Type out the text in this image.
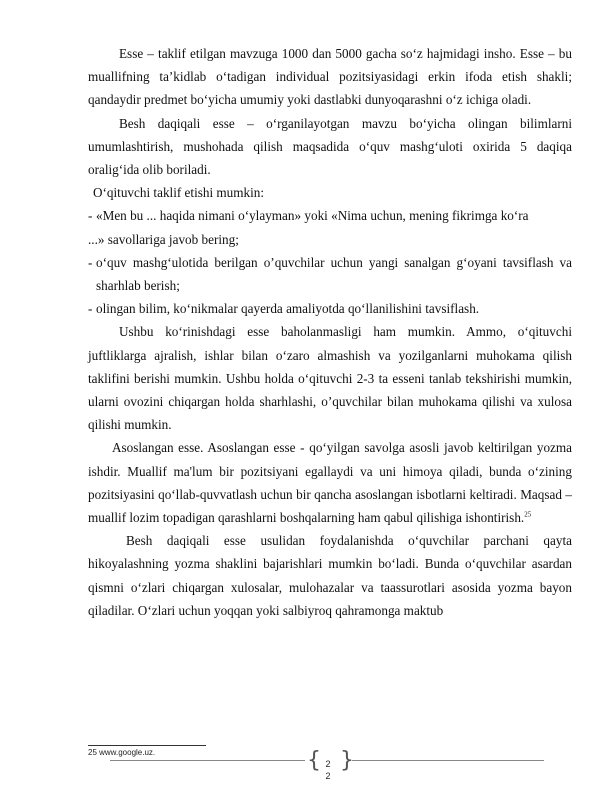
Esse – taklif etilgan mavzuga 1000 dan 5000 gacha so‘z hajmidagi insho. Esse – bu muallifning ta’kidlab o‘tadigan individual pozitsiyasidagi erkin ifoda etish shakli; qandaydir predmet bo‘yicha umumiy yoki dastlabki dunyoqarashni o‘z ichiga oladi.

Besh daqiqali esse – o‘rganilayotgan mavzu bo‘yicha olingan bilimlarni umumlashtirish, mushohada qilish maqsadida o‘quv mashg‘uloti oxirida 5 daqiqa oralig‘ida olib boriladi.

O‘qituvchi taklif etishi mumkin:

- «Men bu ... haqida nimani o‘ylayman» yoki «Nima uchun, mening fikrimga ko‘ra

...» savollariga javob bering;

- o‘quv mashg‘ulotida berilgan o’quvchilar uchun yangi sanalgan g‘oyani tavsiflash va sharhlab berish;

- olingan bilim, ko‘nikmalar qayerda amaliyotda qo‘llanilishini tavsiflash.

Ushbu ko‘rinishdagi esse baholanmasligi ham mumkin. Ammo, o‘qituvchi juftliklarga ajralish, ishlar bilan o‘zaro almashish va yozilganlarni muhokama qilish taklifini berishi mumkin. Ushbu holda o‘qituvchi 2-3 ta esseni tanlab tekshirishi mumkin, ularni ovozini chiqargan holda sharhlashi, o’quvchilar bilan muhokama qilishi va xulosa qilishi mumkin.

Asoslangan esse. Asoslangan esse - qo‘yilgan savolga asosli javob keltirilgan yozma ishdir. Muallif ma'lum bir pozitsiyani egallaydi va uni himoya qiladi, bunda o‘zining pozitsiyasini qo‘llab-quvvatlash uchun bir qancha asoslangan isbotlarni keltiradi. Maqsad – muallif lozim topadigan qarashlarni boshqalarning ham qabul qilishiga ishontirish.$^{25}$

Besh daqiqali esse usulidan foydalanishda o‘quvchilar parchani qayta hikoyalashning yozma shaklini bajarishlari mumkin bo‘ladi. Bunda o‘quvchilar asardan qismni o‘zlari chiqargan xulosalar, mulohazalar va taassurotlari asosida yozma bayon qiladilar. O‘zlari uchun yoqqan yoki salbiyroq qahramonga maktub

25 www.google.uz.	{ }
2
2
